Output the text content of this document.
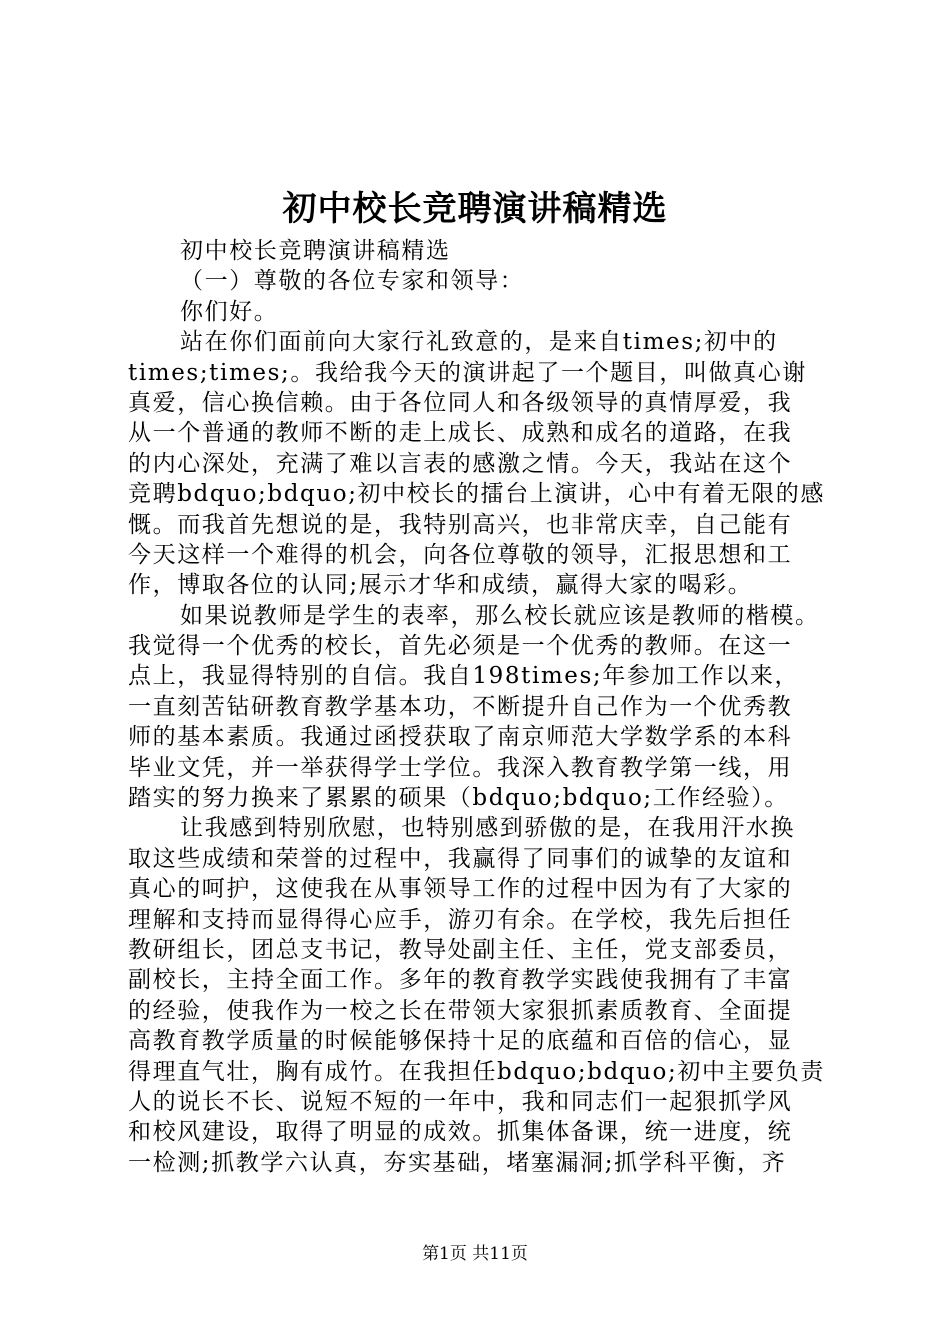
初中校长竞聘演讲稿精选
初中校长竞聘演讲稿精选
（一）尊敬的各位专家和领导：
你们好。
站在你们面前向大家行礼致意的，是来自times;初中的
times;times;。我给我今天的演讲起了一个题目，叫做真心谢
真爱，信心换信赖。由于各位同人和各级领导的真情厚爱，我
从一个普通的教师不断的走上成长、成熟和成名的道路，在我
的内心深处，充满了难以言表的感激之情。今天，我站在这个
竞聘bdquo;bdquo;初中校长的擂台上演讲，心中有着无限的感
慨。而我首先想说的是，我特别高兴，也非常庆幸，自己能有
今天这样一个难得的机会，向各位尊敬的领导，汇报思想和工
作，博取各位的认同;展示才华和成绩，赢得大家的喝彩。
如果说教师是学生的表率，那么校长就应该是教师的楷模。
我觉得一个优秀的校长，首先必须是一个优秀的教师。在这一
点上，我显得特别的自信。我自198times;年参加工作以来，
一直刻苦钻研教育教学基本功，不断提升自己作为一个优秀教
师的基本素质。我通过函授获取了南京师范大学数学系的本科
毕业文凭，并一举获得学士学位。我深入教育教学第一线，用
踏实的努力换来了累累的硕果（bdquo;bdquo;工作经验）。
让我感到特别欣慰，也特别感到骄傲的是，在我用汗水换
取这些成绩和荣誉的过程中，我赢得了同事们的诚挚的友谊和
真心的呵护，这使我在从事领导工作的过程中因为有了大家的
理解和支持而显得得心应手，游刃有余。在学校，我先后担任
教研组长，团总支书记，教导处副主任、主任，党支部委员，
副校长，主持全面工作。多年的教育教学实践使我拥有了丰富
的经验，使我作为一校之长在带领大家狠抓素质教育、全面提
高教育教学质量的时候能够保持十足的底蕴和百倍的信心，显
得理直气壮，胸有成竹。在我担任bdquo;bdquo;初中主要负责
人的说长不长、说短不短的一年中，我和同志们一起狠抓学风
和校风建设，取得了明显的成效。抓集体备课，统一进度，统
一检测;抓教学六认真，夯实基础，堵塞漏洞;抓学科平衡，齐
第1页 共11页
